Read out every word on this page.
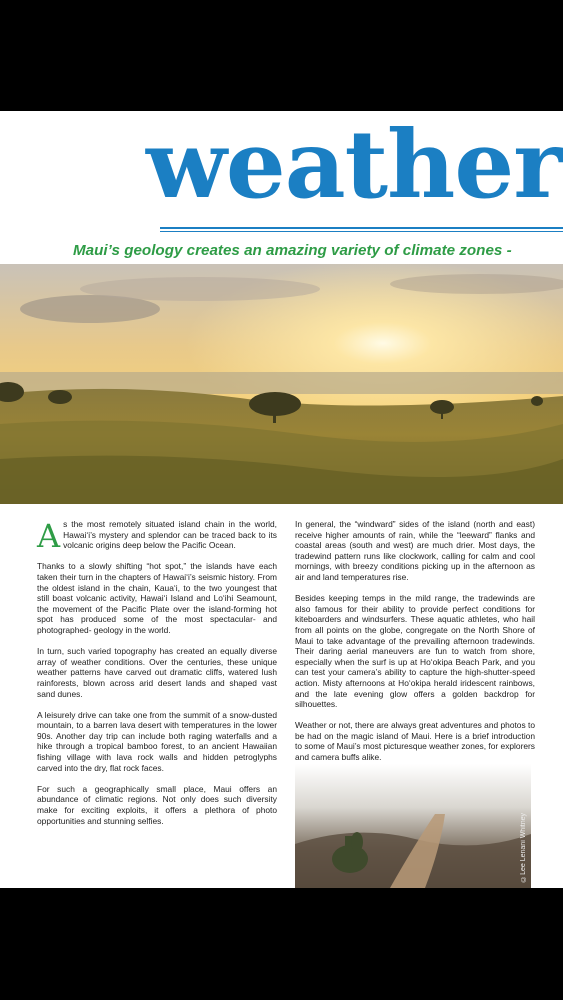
weather
Maui’s geology creates an amazing variety of climate zones -

As the most remotely situated island chain in the world, Hawai‘i’s mystery and splendor can be traced back to its volcanic origins deep below the Pacific Ocean.

Thanks to a slowly shifting “hot spot,” the islands have each taken their turn in the chapters of Hawai‘i’s seismic history. From the oldest island in the chain, Kaua‘i, to the two youngest that still boast volcanic activity, Hawai‘i Island and Lo‘ihi Seamount, the movement of the Pacific Plate over the island-forming hot spot has produced some of the most spectacular- and photographed- geology in the world.

In turn, such varied topography has created an equally diverse array of weather conditions. Over the centuries, these unique weather patterns have carved out dramatic cliffs, watered lush rainforests, blown across arid desert lands and shaped vast sand dunes.

A leisurely drive can take one from the summit of a snow-dusted mountain, to a barren lava desert with temperatures in the lower 90s. Another day trip can include both raging waterfalls and a hike through a tropical bamboo forest, to an ancient Hawaiian fishing village with lava rock walls and hidden petroglyphs carved into the dry, flat rock faces.

For such a geographically small place, Maui offers an abundance of climatic regions. Not only does such diversity make for exciting exploits, it offers a plethora of photo opportunities and stunning selfies.

In general, the “windward” sides of the island (north and east) receive higher amounts of rain, while the “leeward” flanks and coastal areas (south and west) are much drier. Most days, the tradewind pattern runs like clockwork, calling for calm and cool mornings, with breezy conditions picking up in the afternoon as air and land temperatures rise.

Besides keeping temps in the mild range, the tradewinds are also famous for their ability to provide perfect conditions for kiteboarders and windsurfers. These aquatic athletes, who hail from all points on the globe, congregate on the North Shore of Maui to take advantage of the prevailing afternoon tradewinds. Their daring aerial maneuvers are fun to watch from shore, especially when the surf is up at Ho‘okipa Beach Park, and you can test your camera’s ability to capture the high-shutter-speed action. Misty afternoons at Ho‘okipa herald iridescent rainbows, and the late evening glow offers a golden backdrop for silhouettes.

Weather or not, there are always great adventures and photos to be had on the magic island of Maui. Here is a brief introduction to some of Maui’s most picturesque weather zones, for explorers and camera buffs alike.

©Lee Lenani Whitney
